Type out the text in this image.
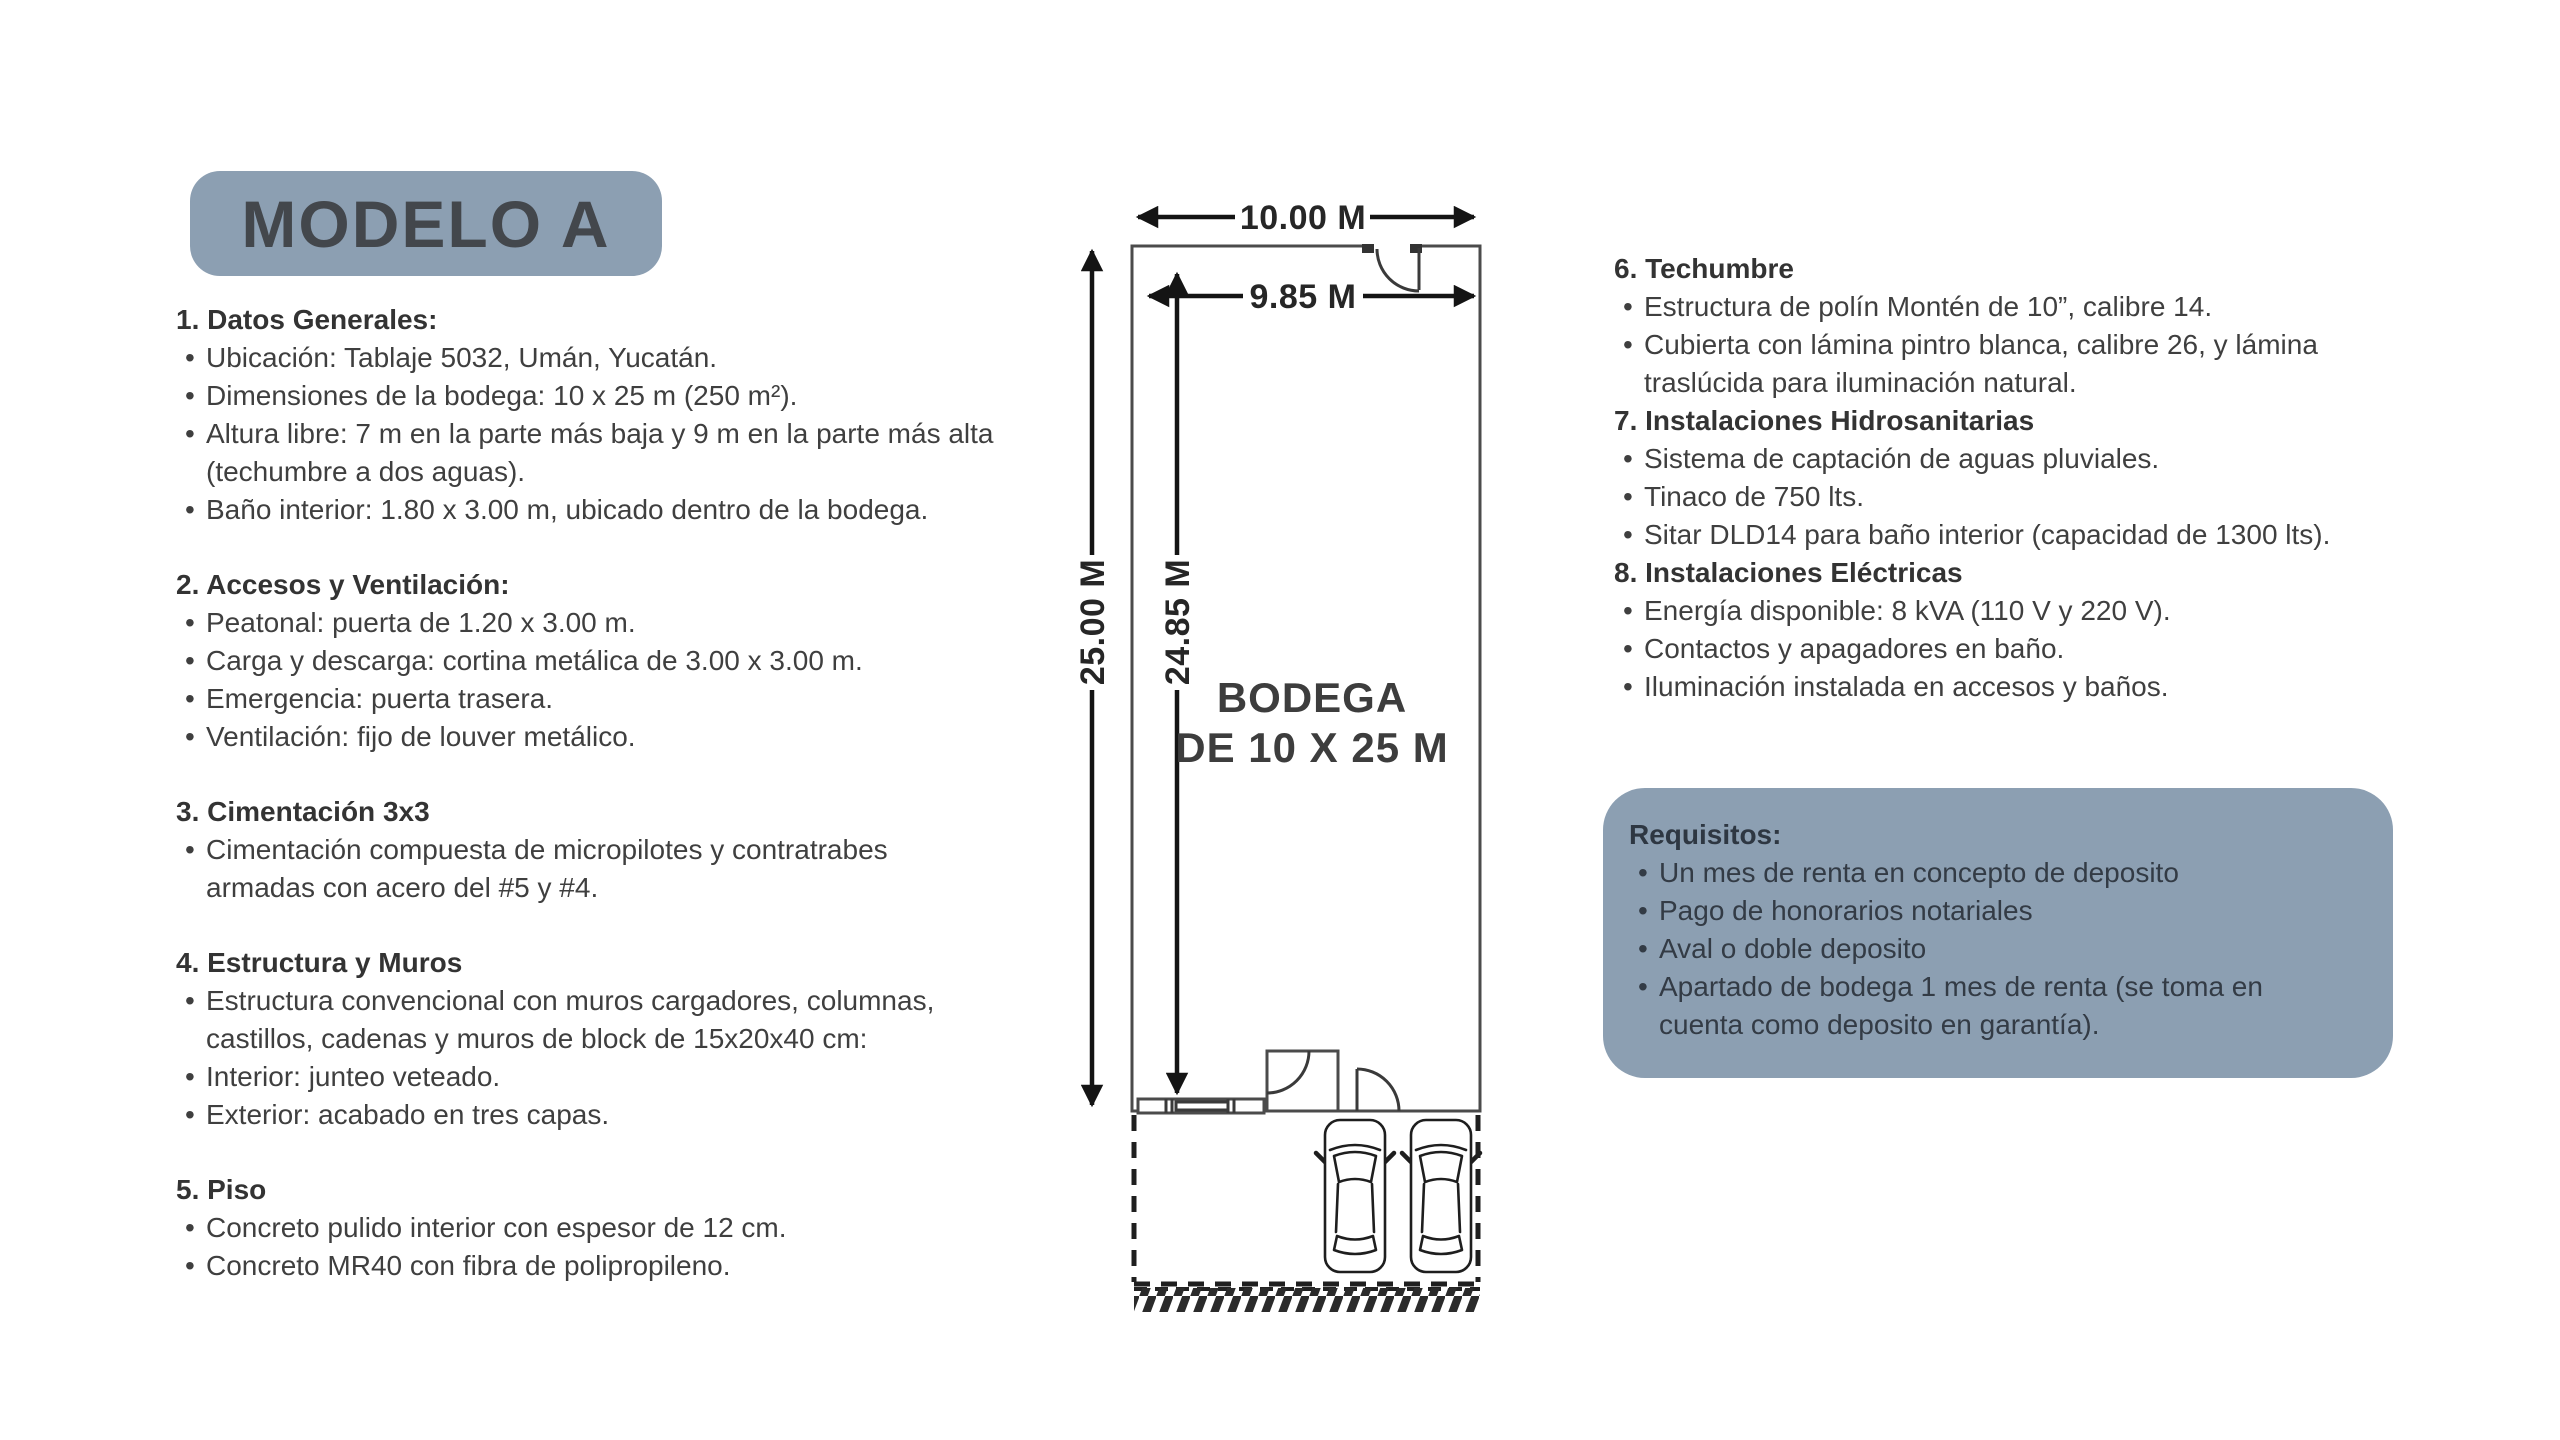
MODELO A
1. Datos Generales:
• Ubicación: Tablaje 5032, Umán, Yucatán.
• Dimensiones de la bodega: 10 x 25 m (250 m²).
• Altura libre: 7 m en la parte más baja y 9 m en la parte más alta (techumbre a dos aguas).
• Baño interior: 1.80 x 3.00 m, ubicado dentro de la bodega.
2. Accesos y Ventilación:
• Peatonal: puerta de 1.20 x 3.00 m.
• Carga y descarga: cortina metálica de 3.00 x 3.00 m.
• Emergencia: puerta trasera.
• Ventilación: fijo de louver metálico.
3. Cimentación 3x3
• Cimentación compuesta de micropilotes y contratrabes armadas con acero del #5 y #4.
4. Estructura y Muros
• Estructura convencional con muros cargadores, columnas, castillos, cadenas y muros de block de 15x20x40 cm:
• Interior: junteo veteado.
• Exterior: acabado en tres capas.
5. Piso
• Concreto pulido interior con espesor de 12 cm.
• Concreto MR40 con fibra de polipropileno.
6. Techumbre
• Estructura de polín Montén de 10”, calibre 14.
• Cubierta con lámina pintro blanca, calibre 26, y lámina traslúcida para iluminación natural.
7. Instalaciones Hidrosanitarias
• Sistema de captación de aguas pluviales.
• Tinaco de 750 lts.
• Sitar DLD14 para baño interior (capacidad de 1300 lts).
8. Instalaciones Eléctricas
• Energía disponible: 8 kVA (110 V y 220 V).
• Contactos y apagadores en baño.
• Iluminación instalada en accesos y baños.
Requisitos:
• Un mes de renta en concepto de deposito
• Pago de honorarios notariales
• Aval o doble deposito
• Apartado de bodega 1 mes de renta (se toma en cuenta como deposito en garantía).
10.00 M
9.85 M
25.00 M 24.85 M
BODEGA
DE 10 X 25 M
